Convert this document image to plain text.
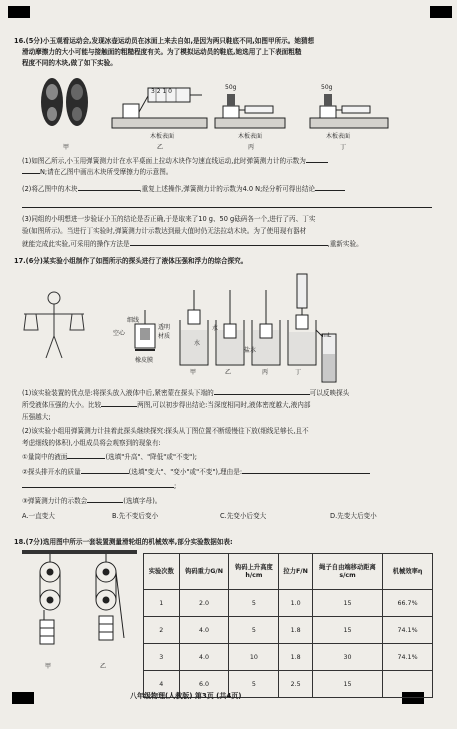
16.(5分)小玉观看运动会,发现冰壶运动员在冰面上来去自如,是因为两只鞋底不同,如图甲所示。她猜想
滑动摩擦力的大小可能与接触面的粗糙程度有关。为了模拟运动员的鞋底,她选用了上下表面粗糙
程度不同的木块,做了如下实验。
3 2 1 0
50g	50g
木板表面	木板表面	木板表面
甲	乙	丙	丁
(1)如图乙所示,小玉用弹簧测力计在水平桌面上拉动木块作匀速直线运动,此时弹簧测力计的示数为
N;请在乙图中画出木块所受摩擦力的示意图。
(2)将乙图中的木块	,重复上述操作,弹簧测力计的示数为4.0 N;经分析可得出结论
(3)同组的小明想进一步验证小玉的结论是否正确,于是取来了10 g、50 g砝码各一个,进行了丙、丁实
验(如图所示)。当进行丁实验时,弹簧测力计示数达到最大值时仍无法拉动木块。为了使用现有器材
就能完成此实验,可采用的操作方法是	,重新实验。
17.(6分)某实验小组制作了如图所示的探头进行了液体压强和浮力的综合探究。
细线
空心
透明
材质
橡皮膜
水
水
盐水
mL
甲	乙	丙	丁
(1)该实验装置的优点是:将探头放入液体中后,紧密蒙在探头下端的	可以反映探头
所受液体压强的大小。比较	两图,可以初步得出结论:当深度相同时,液体密度越大,液内部
压强越大;
(2)该实验小组用弹簧测力计挂着此探头继续探究:探头从丁图位置不断缓慢往下放(细线足够长,且不
考虑细线的体积),小组成员将会观察到的现象有:
①量筒中的液面	(选填"升高"、"降低"或"不变");
②探头排开水的质量	(选填"变大"、"变小"或"不变"),理由是:
;
③弹簧测力计的示数会	(选填字母)。
A.一直变大	B.先不变后变小	C.先变小后变大	D.先变大后变小
18.(7分)选用图中所示一套装置测量滑轮组的机械效率,部分实验数据如表:
甲	乙
实验次数	钩码重力G/N	钩码上升高度h/cm	拉力F/N	绳子自由端移动距离s/cm	机械效率η
1	2.0	5	1.0	15	66.7%
2	4.0	5	1.8	15	74.1%
3	4.0	10	1.8	30	74.1%
4	6.0	5	2.5	15	
八年级物理(人教版) 第3页 (共4页)
